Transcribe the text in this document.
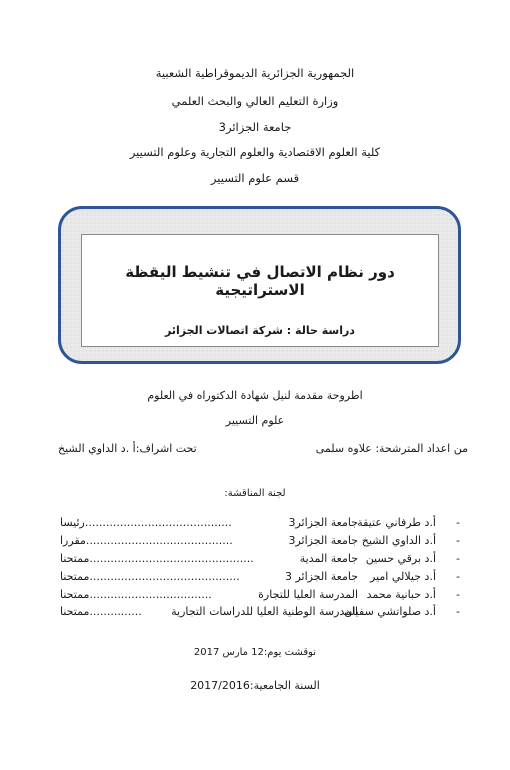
الجمهورية الجزائرية الديموقراطية الشعبية
وزارة التعليم العالي والبحث العلمي
جامعة الجزائر3
كلية العلوم الاقتصادية والعلوم التجارية وعلوم التسيير
قسم علوم التسيير
دور نظام الاتصال في تنشيط اليقظة الاستراتيجية
دراسة حالة : شركة اتصالات الجزائر
اطروحة مقدمة لنيل شهادة الدكتوراه في العلوم
علوم التسيير
من اعداد المترشحة: علاوه سلمى
تحت اشراف:أ .د الداوي الشيخ
لجنة المناقشة:
-
أ.د طرفاني عتيقة
جامعة الجزائر3
..........................................رئيسا
-
أ.د الداوي الشيخ
جامعة الجزائر3
..........................................مقررا
-
أ.د برقي حسين
جامعة المدية
...............................................ممتحنا
-
أ.د جيلالي امير
جامعة الجزائر 3
...........................................ممتحنا
-
أ.د حبانية محمد
المدرسة العليا للتجارة
...................................ممتحنا
-
أ.د صلواتشي سفيان
المدرسة الوطنية العليا للدراسات التجارية
...............ممتحنا
نوقشت يوم:12 مارس 2017
السنة الجامعية:2017/2016
